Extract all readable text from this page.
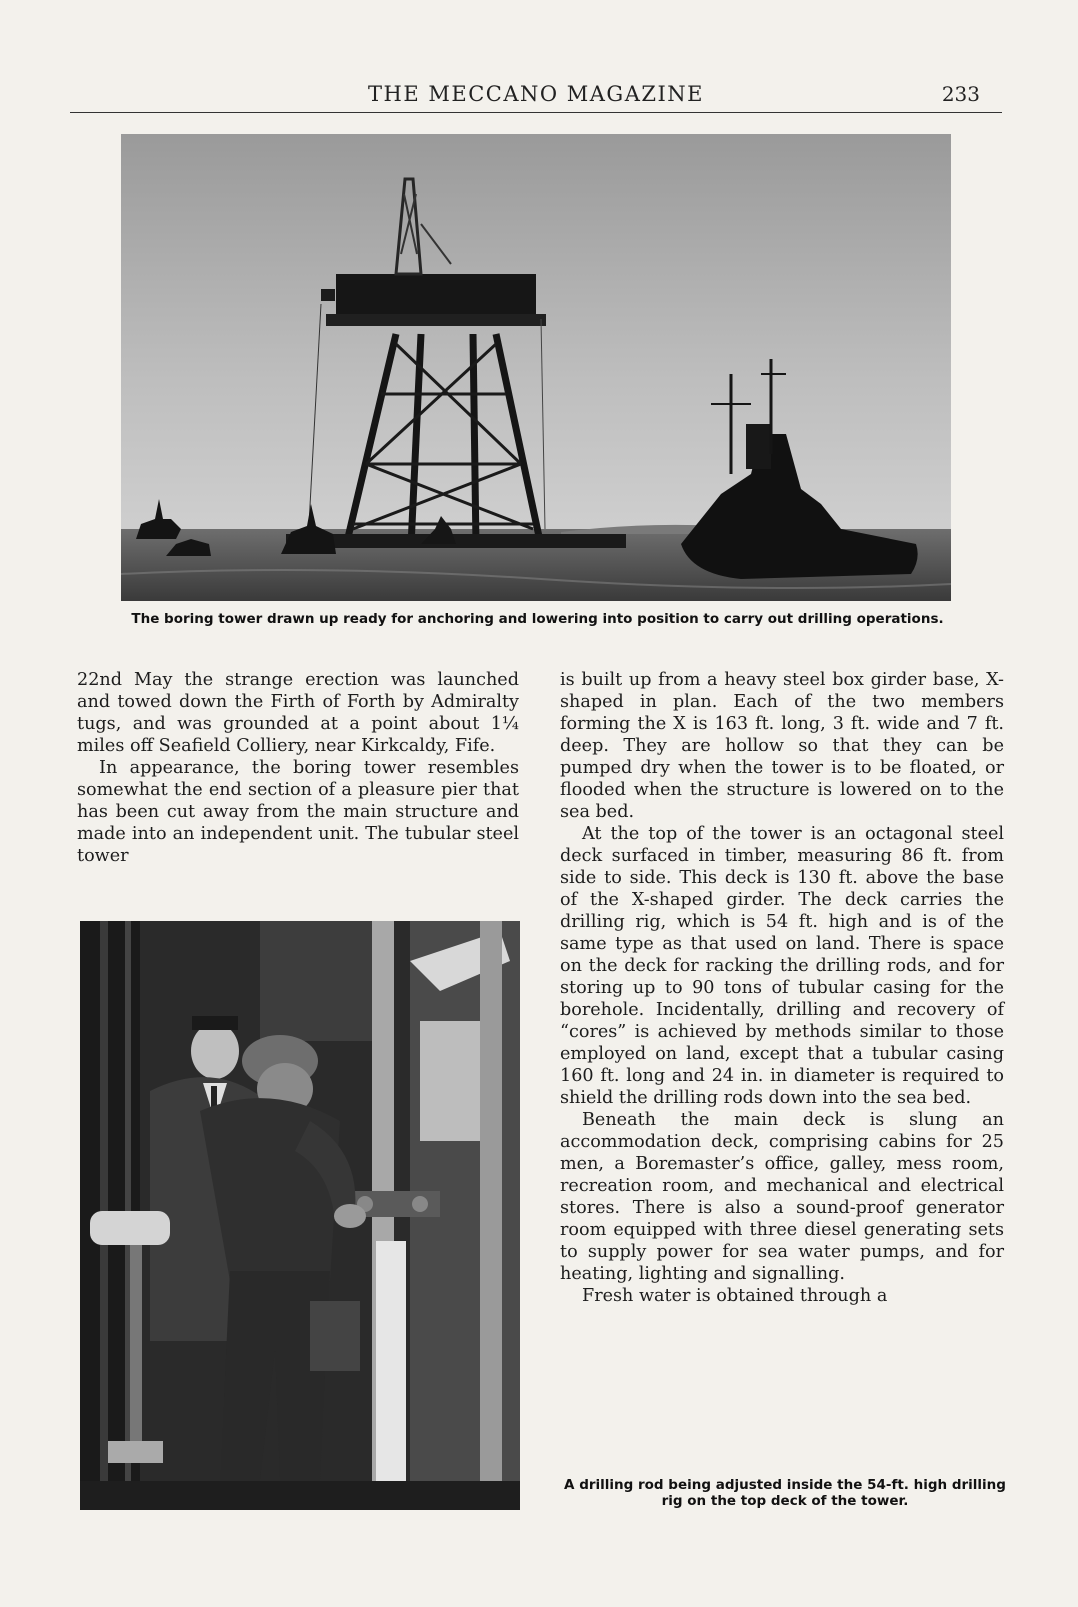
THE MECCANO MAGAZINE	233
The boring tower drawn up ready for anchoring and lowering into position to carry out drilling operations.

22nd May the strange erection was launched and towed down the Firth of Forth by Admiralty tugs, and was grounded at a point about 1¼ miles off Seafield Colliery, near Kirkcaldy, Fife.

In appearance, the boring tower resembles somewhat the end section of a pleasure pier that has been cut away from the main structure and made into an independent unit. The tubular steel tower

is built up from a heavy steel box girder base, X-shaped in plan. Each of the two members forming the X is 163 ft. long, 3 ft. wide and 7 ft. deep. They are hollow so that they can be pumped dry when the tower is to be floated, or flooded when the structure is lowered on to the sea bed.

At the top of the tower is an octagonal steel deck surfaced in timber, measuring 86 ft. from side to side. This deck is 130 ft. above the base of the X-shaped girder. The deck carries the drilling rig, which is 54 ft. high and is of the same type as that used on land. There is space on the deck for racking the drilling rods, and for storing up to 90 tons of tubular casing for the borehole. Incidentally, drilling and recovery of “cores” is achieved by methods similar to those employed on land, except that a tubular casing 160 ft. long and 24 in. in diameter is required to shield the drilling rods down into the sea bed.

Beneath the main deck is slung an accommodation deck, comprising cabins for 25 men, a Boremaster’s office, galley, mess room, recreation room, and mechanical and electrical stores. There is also a sound-proof generator room equipped with three diesel generating sets to supply power for sea water pumps, and for heating, lighting and signalling.

Fresh water is obtained through a

A drilling rod being adjusted inside the 54-ft. high drilling rig on the top deck of the tower.
